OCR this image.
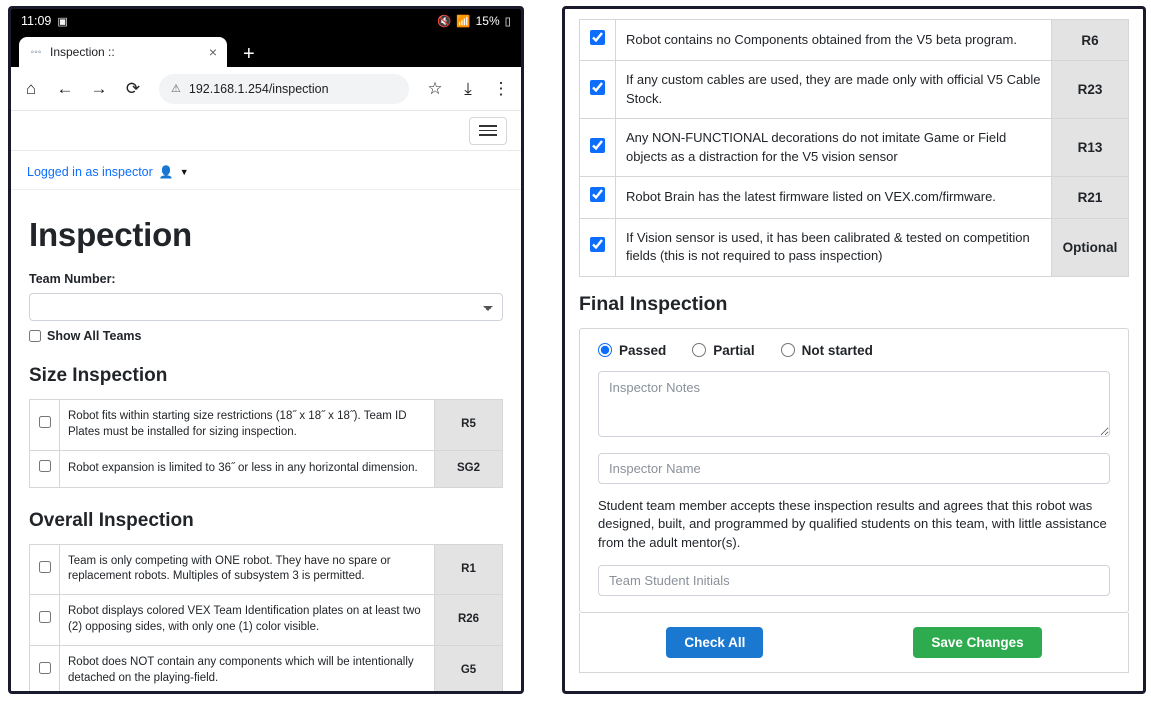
11:09 ▣	🔇 📶 15% ▯
◦◦◦ Inspection ::	× +
⌂ ← → ⟳	⚠ 192.168.1.254/inspection	☆	⤓	⋮
Logged in as inspector 👤 ▼
Inspection
Team Number:
Show All Teams
Size Inspection
	Robot fits within starting size restrictions (18˝ x 18˝ x 18˝). Team ID Plates must be installed for sizing inspection.	R5
	Robot expansion is limited to 36˝ or less in any horizontal dimension.	SG2
Overall Inspection
	Team is only competing with ONE robot. They have no spare or replacement robots. Multiples of subsystem 3 is permitted.	R1
	Robot displays colored VEX Team Identification plates on at least two (2) opposing sides, with only one (1) color visible.	R26
	Robot does NOT contain any components which will be intentionally detached on the playing-field.	G5
	Robot contains no Components obtained from the V5 beta program.	R6
	If any custom cables are used, they are made only with official V5 Cable Stock.	R23
	Any NON-FUNCTIONAL decorations do not imitate Game or Field objects as a distraction for the V5 vision sensor	R13
	Robot Brain has the latest firmware listed on VEX.com/firmware.	R21
	If Vision sensor is used, it has been calibrated & tested on competition fields (this is not required to pass inspection)	Optional
Final Inspection
Passed	Partial	Not started
Inspector Notes Inspector Name

Student team member accepts these inspection results and agrees that this robot was designed, built, and programmed by qualified students on this team, with little assistance from the adult mentor(s).

Team Student Initials
Check All	Save Changes
